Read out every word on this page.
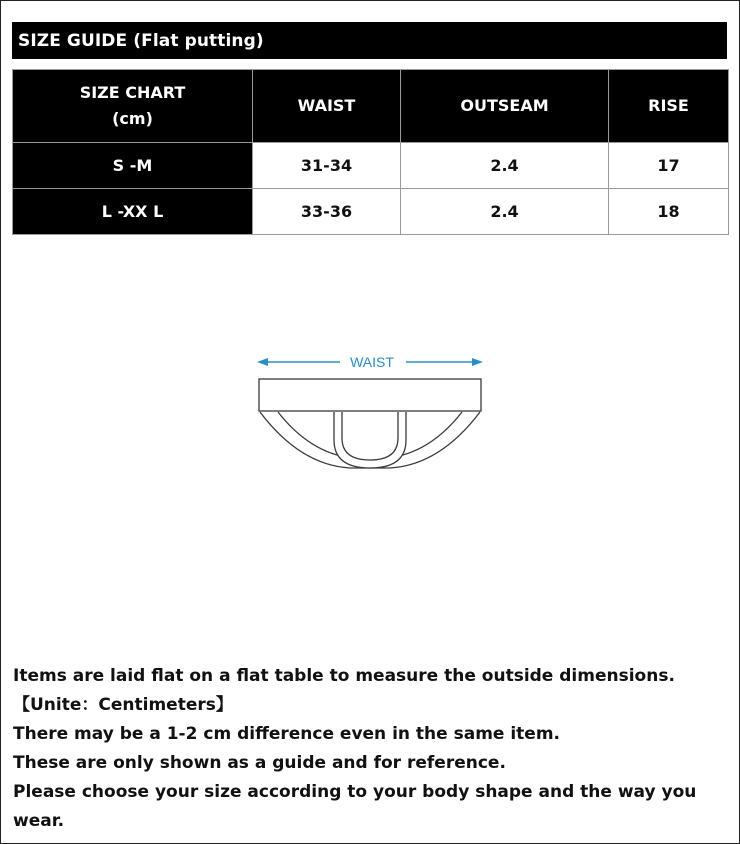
SIZE GUIDE (Flat putting)
SIZE CHART
(cm)	WAIST	OUTSEAM	RISE
S -M	31-34	2.4	17
L -XX L	33-36	2.4	18
WAIST

Items are laid flat on a flat table to measure the outside dimensions.【Unite：Centimeters】

There may be a 1-2 cm difference even in the same item.

These are only shown as a guide and for reference.

Please choose your size according to your body shape and the way you wear.
